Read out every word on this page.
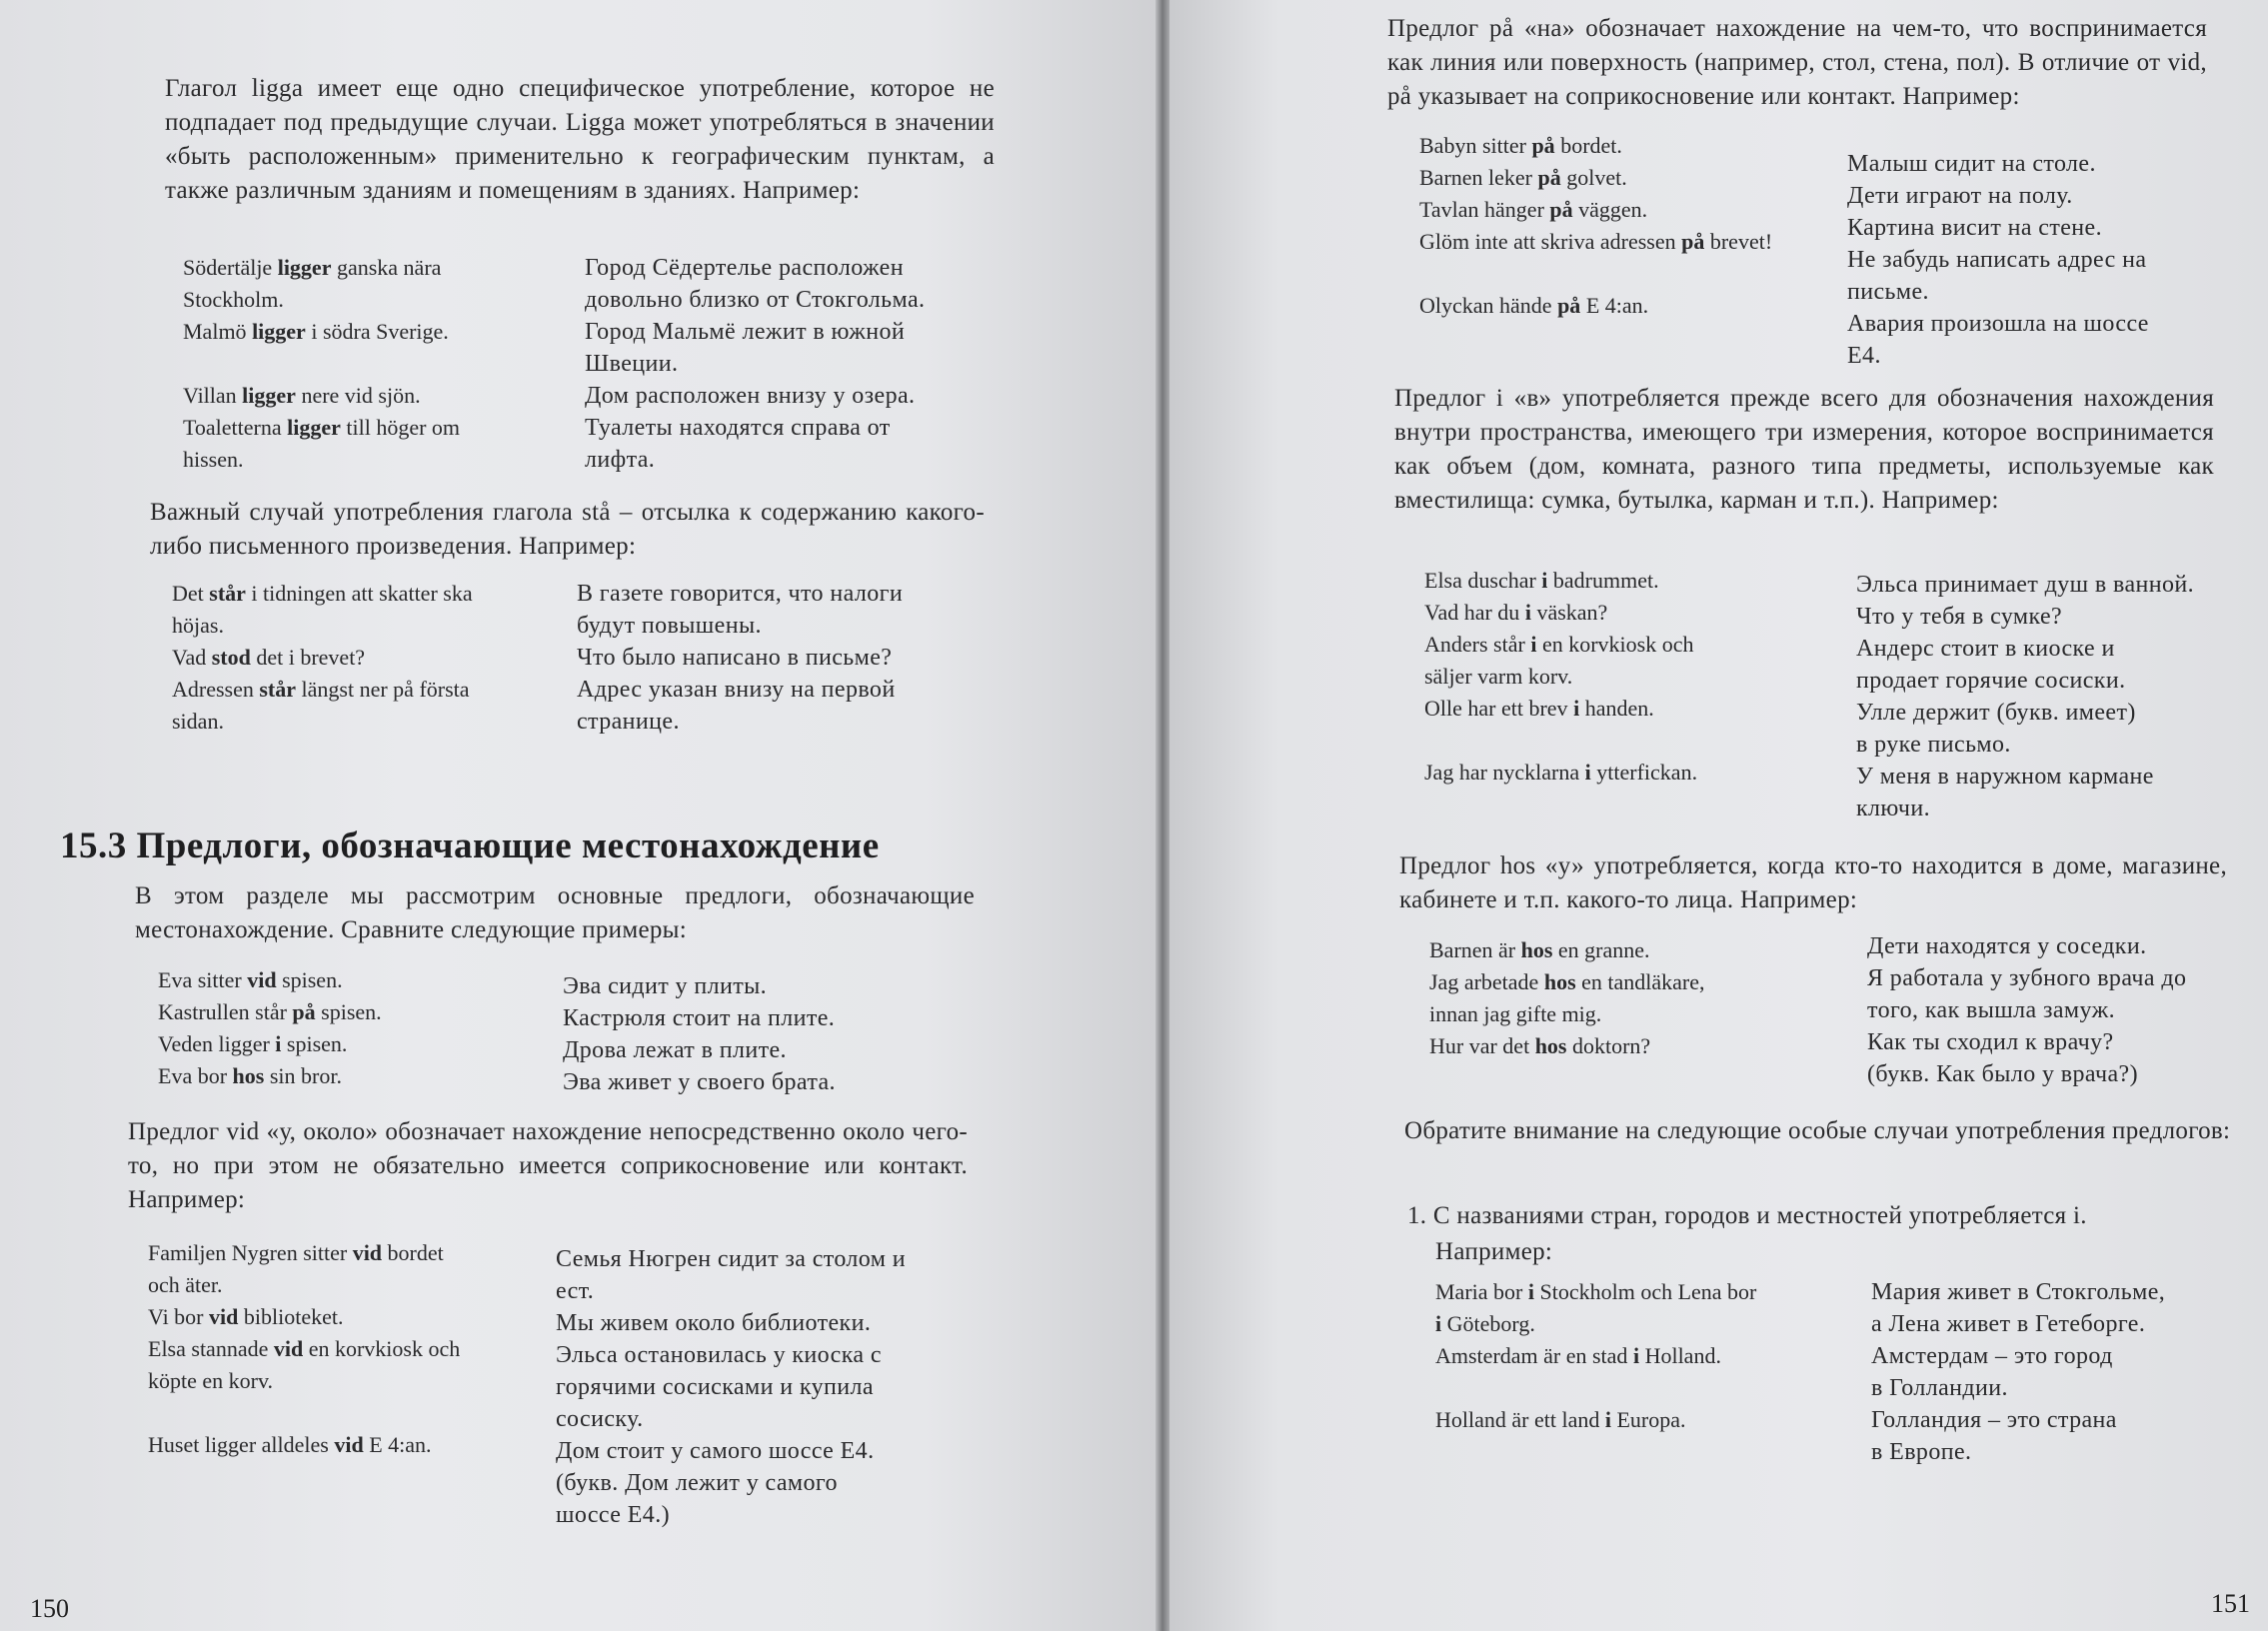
Глагол ligga имеет еще одно специфическое употребление, которое не подпадает под предыдущие случаи. Ligga может употребляться в значении «быть расположенным» применительно к географическим пунктам, а также различным зданиям и помещениям в зданиях. Например:
Södertälje ligger ganska nära
Stockholm.
Malmö ligger i södra Sverige.
Villan ligger nere vid sjön.
Toaletterna ligger till höger om
hissen.
Город Сёдертелье расположен
довольно близко от Стокгольма.
Город Мальмё лежит в южной
Швеции.
Дом расположен внизу у озера.
Туалеты находятся справа от
лифта.
Важный случай употребления глагола stå – отсылка к содержанию какого-либо письменного произведения. Например:
Det står i tidningen att skatter ska
höjas.
Vad stod det i brevet?
Adressen står längst ner på första
sidan.
В газете говорится, что налоги
будут повышены.
Что было написано в письме?
Адрес указан внизу на первой
странице.
15.3 Предлоги, обозначающие местонахождение
В этом разделе мы рассмотрим основные предлоги, обозначающие местонахождение. Сравните следующие примеры:
Eva sitter vid spisen.
Kastrullen står på spisen.
Veden ligger i spisen.
Eva bor hos sin bror.
Эва сидит у плиты.
Кастрюля стоит на плите.
Дрова лежат в плите.
Эва живет у своего брата.
Предлог vid «у, около» обозначает нахождение непосредственно около чего-то, но при этом не обязательно имеется соприкосновение или контакт. Например:
Familjen Nygren sitter vid bordet
och äter.
Vi bor vid biblioteket.
Elsa stannade vid en korvkiosk och
köpte en korv.
Huset ligger alldeles vid E 4:an.
Семья Нюгрен сидит за столом и
ест.
Мы живем около библиотеки.
Эльса остановилась у киоска с
горячими сосисками и купила
сосиску.
Дом стоит у самого шоссе Е4.
(букв. Дом лежит у самого
шоссе Е4.)
150
Предлог på «на» обозначает нахождение на чем-то, что воспринимается как линия или поверхность (например, стол, стена, пол). В отличие от vid, på указывает на соприкосновение или контакт. Например:
Babyn sitter på bordet.
Barnen leker på golvet.
Tavlan hänger på väggen.
Glöm inte att skriva adressen på brevet!
Olyckan hände på E 4:an.
Малыш сидит на столе.
Дети играют на полу.
Картина висит на стене.
Не забудь написать адрес на
письме.
Авария произошла на шоссе
Е4.
Предлог i «в» употребляется прежде всего для обозначения нахождения внутри пространства, имеющего три измерения, которое воспринимается как объем (дом, комната, разного типа предметы, используемые как вместилища: сумка, бутылка, карман и т.п.). Например:
Elsa duschar i badrummet.
Vad har du i väskan?
Anders står i en korvkiosk och
säljer varm korv.
Olle har ett brev i handen.
Jag har nycklarna i ytterfickan.
Эльса принимает душ в ванной.
Что у тебя в сумке?
Андерс стоит в киоске и
продает горячие сосиски.
Улле держит (букв. имеет)
в руке письмо.
У меня в наружном кармане
ключи.
Предлог hos «у» употребляется, когда кто-то находится в доме, магазине, кабинете и т.п. какого-то лица. Например:
Barnen är hos en granne.
Jag arbetade hos en tandläkare,
innan jag gifte mig.
Hur var det hos doktorn?
Дети находятся у соседки.
Я работала у зубного врача до
того, как вышла замуж.
Как ты сходил к врачу?
(букв. Как было у врача?)
Обратите внимание на следующие особые случаи употребления предлогов:
1. С названиями стран, городов и местностей употребляется i.
Например:
Maria bor i Stockholm och Lena bor
i Göteborg.
Amsterdam är en stad i Holland.
Holland är ett land i Europa.
Мария живет в Стокгольме,
а Лена живет в Гетеборге.
Амстердам – это город
в Голландии.
Голландия – это страна
в Европе.
151
